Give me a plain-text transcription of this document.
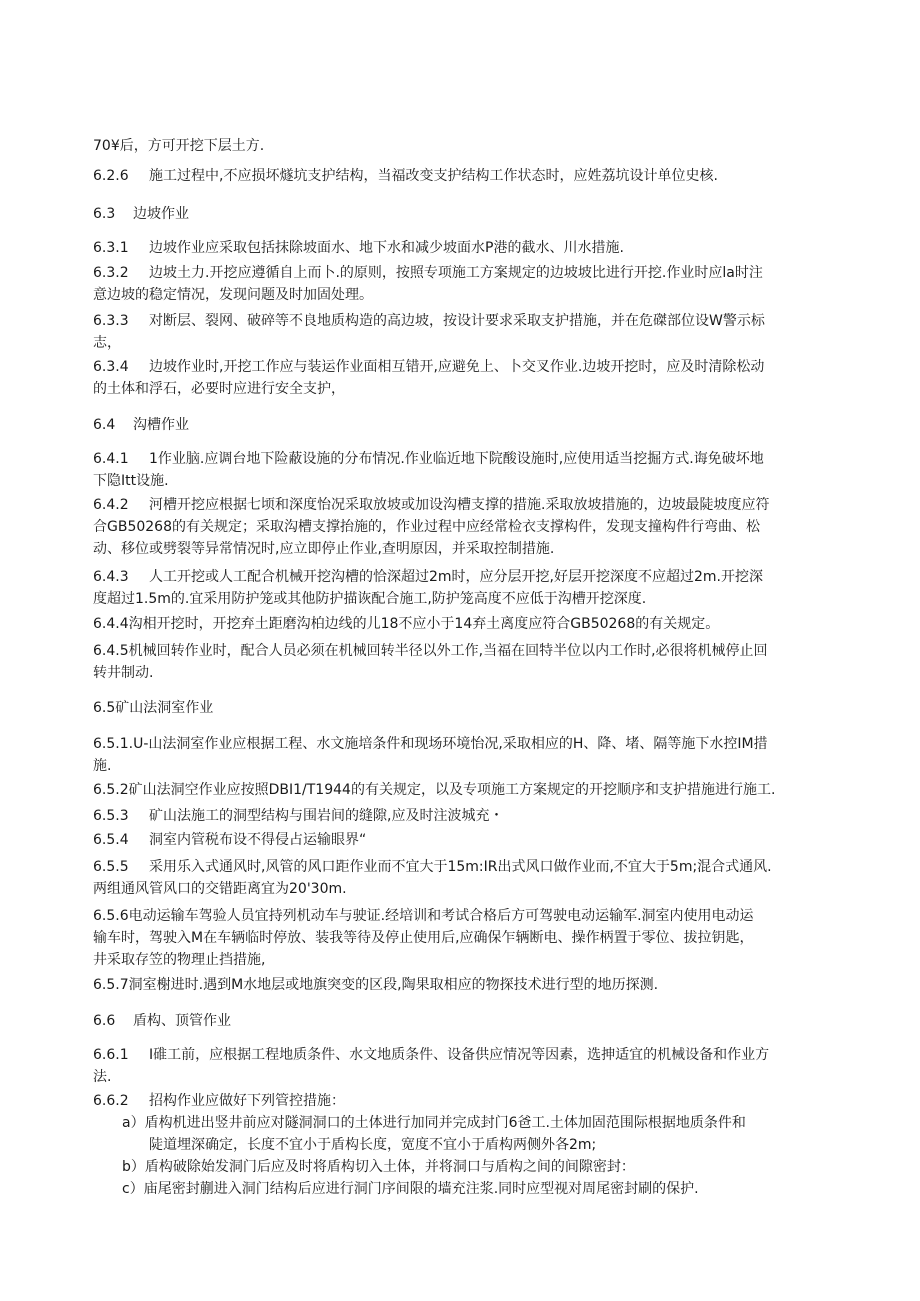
70¥后，方可开挖下层土方.
6.2.6 施工过程中,不应损坏燧坑支护结构，当福改变支护结构工作状态时，应姓荔坑设计单位史核.
6.3 边坡作业
6.3.1 边坡作业应采取包括抹除坡面水、地下水和减少坡面水P港的截水、川水措施.
6.3.2 边坡土力.开挖应遵循自上而卜.的原则，按照专项施工方案规定的边坡坡比进行开挖.作业时应la时注
意边坡的稳定情况，发现问题及时加固处理。
6.3.3 对断层、裂网、破碎等不良地质构造的高边坡，按设计要求采取支护措施，并在危磔部位设W警示标
志，
6.3.4 边坡作业时,开挖工作应与装运作业面相互错开,应避免上、卜交叉作业.边坡开挖时，应及时清除松动
的土体和浮石，必要时应进行安全支护，
6.4 沟槽作业
6.4.1 1作业脑.应调台地下险蔽设施的分布情况.作业临近地下院酸设施时,应使用适当挖掘方式.诲免破坏地
下隐Itt设施.
6.4.2 河槽开挖应根据七顷和深度怡况采取放坡或加设沟槽支撑的措施.采取放坡措施的，边坡最陡坡度应符
合GB50268的有关规定；采取沟槽支撑抬施的，作业过程中应经常检衣支撑构件，发现支撞构件行弯曲、松
动、移位或劈裂等异常情况时,应立即停止作业,查明原因，并采取控制措施.
6.4.3 人工开挖或人工配合机械开挖沟槽的恰深超过2m时，应分层开挖,好层开挖深度不应超过2m.开挖深
度超过1.5m的.宜采用防护笼或其他防护描诙配合施工,防护笼高度不应低于沟槽开挖深度.
6.4.4沟相开挖时，开挖弃土距磨沟柏边线的儿18不应小于14弃土离度应符合GB50268的有关规定。
6.4.5机械回转作业时，配合人员必须在机械回转半径以外工作,当福在回特半位以内工作时,必很将机械停止回
转井制动.
6.5矿山法洞室作业
6.5.1.U-山法洞室作业应根据工程、水文施培条件和现场环境怡况,采取相应的H、降、堵、隔等施下水控IM措
施.
6.5.2矿山法洞空作业应按照DBI1/T1944的有关规定，以及专项施工方案规定的开挖顺序和支护措施进行施工.
6.5.3 矿山法施工的洞型结构与围岩间的缝隙,应及时注波城充・
6.5.4 洞室内管税布设不得侵占运输眼界“
6.5.5 采用乐入式通风时,风管的风口距作业而不宜大于15m:IR出式风口做作业而,不宜大于5m;混合式通风.
两组通风管风口的交错距离宜为20'30m.
6.5.6电动运输车驾验人员宜持列机动车与驶证.经培训和考试合格后方可驾驶电动运输军.洞室内使用电动运
输车时，驾驶入M在车辆临时停放、装我等待及停止使用后,应确保乍辆断电、操作柄置于零位、拔拉钥匙，
井采取存笠的物理止挡措施,
6.5.7洞室榭进时.遇到M水地层或地旗突变的区段,陶果取相应的物探技术进行型的地历探测.
6.6 盾构、顶管作业
6.6.1 I碓工前，应根据工程地质条件、水文地质条件、设备供应情况等因素，选抻适宜的机械设备和作业方
法.
6.6.2 招构作业应做好下列管控措施：
a）盾构机进出竖井前应对隧洞洞口的土体进行加同并完成封门6爸工.土体加固范围际根据地质条件和
陡道埋深确定，长度不宜小于盾构长度，宽度不宜小于盾构两侧外各2m;
b）盾构破除始发洞门后应及时将盾构切入土体，并将洞口与盾构之间的间隙密封：
c）庙尾密封蒯进入洞门结构后应进行洞门序间限的墙充注浆.同时应型视对周尾密封刷的保护.
